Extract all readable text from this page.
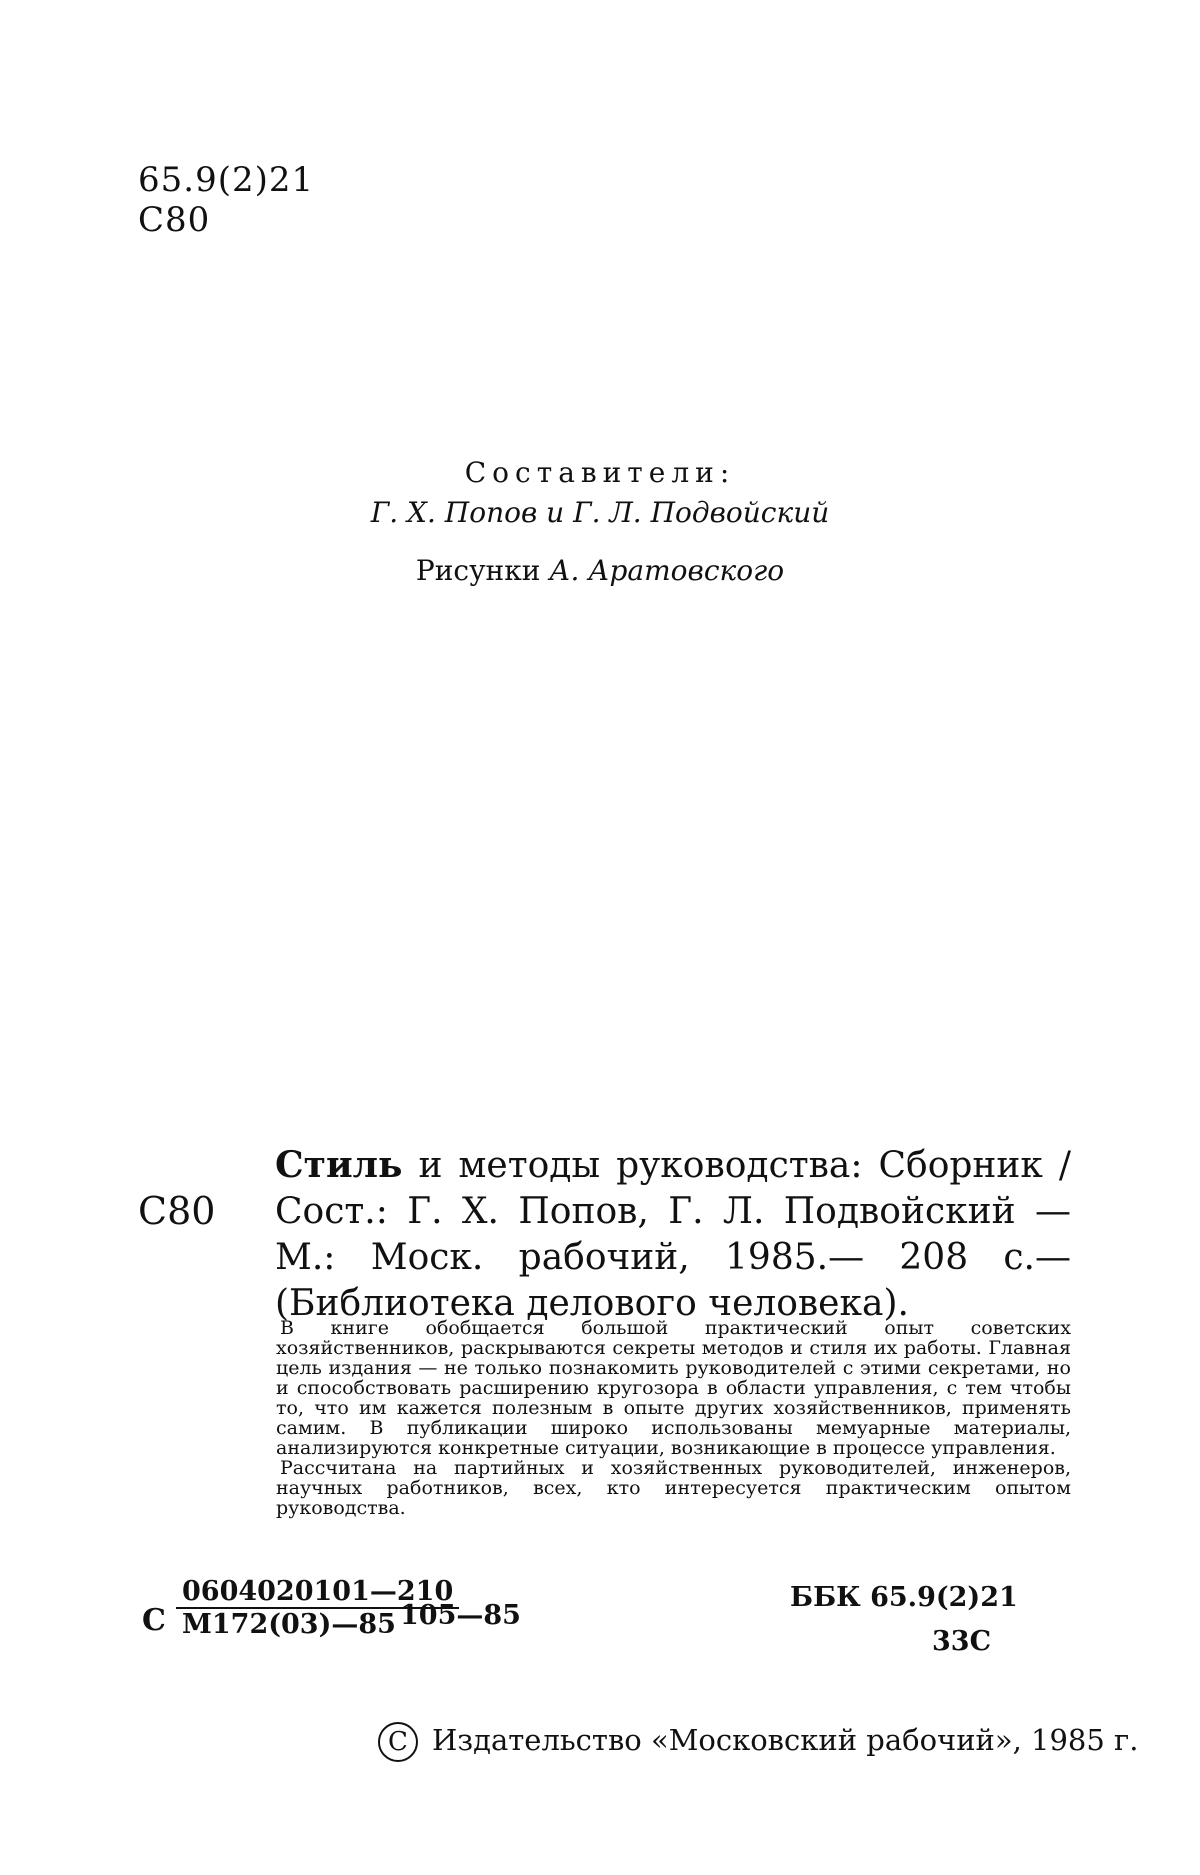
65.9(2)21
С80
Составители:
Г. X. Попов и Г. Л. Подвойский
Рисунки А. Аратовского
С80
Стиль и методы руководства: Сборник / Сост.: Г. Х. Попов, Г. Л. Подвойский — М.: Моск. рабочий, 1985.— 208 с.— (Библиотека делового человека).

В книге обобщается большой практический опыт советских хозяйственников, раскрываются секреты методов и стиля их работы. Главная цель издания — не только познакомить руководителей с этими секретами, но и способствовать расширению кругозора в области управления, с тем чтобы то, что им кажется полезным в опыте других хозяйственников, применять самим. В публикации широко использованы мемуарные материалы, анализируются конкретные ситуации, возникающие в процессе управления.

Рассчитана на партийных и хозяйственных руководителей, инженеров, научных работников, всех, кто интересуется практическим опытом руководства.

С
0604020101—210
М172(03)—85 105—85
ББК 65.9(2)21
33С
C Издательство «Московский рабочий», 1985 г.
